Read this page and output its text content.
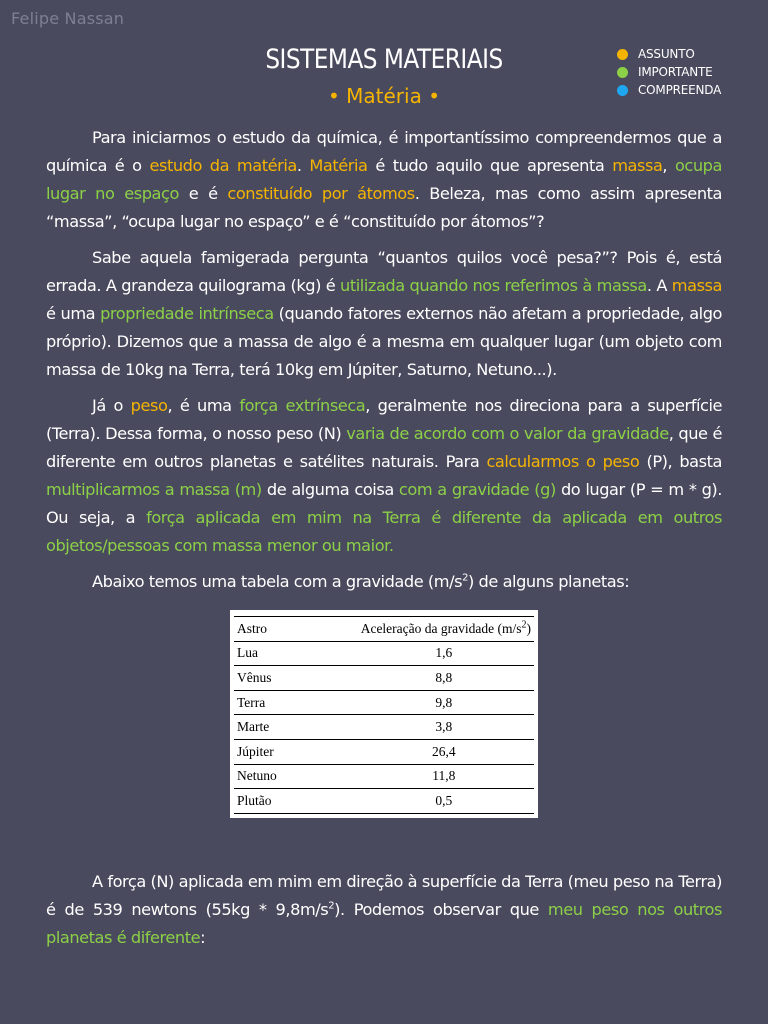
Felipe Nassan
SISTEMAS MATERIAIS
• Matéria •
ASSUNTO
IMPORTANTE
COMPREENDA

Para iniciarmos o estudo da química, é importantíssimo compreendermos que a química é o estudo da matéria. Matéria é tudo aquilo que apresenta massa, ocupa lugar no espaço e é constituído por átomos. Beleza, mas como assim apresenta “massa”, “ocupa lugar no espaço” e é “constituído por átomos”?

Sabe aquela famigerada pergunta “quantos quilos você pesa?”? Pois é, está errada. A grandeza quilograma (kg) é utilizada quando nos referimos à massa. A massa é uma propriedade intrínseca (quando fatores externos não afetam a propriedade, algo próprio). Dizemos que a massa de algo é a mesma em qualquer lugar (um objeto com massa de 10kg na Terra, terá 10kg em Júpiter, Saturno, Netuno...).

Já o peso, é uma força extrínseca, geralmente nos direciona para a superfície (Terra). Dessa forma, o nosso peso (N) varia de acordo com o valor da gravidade, que é diferente em outros planetas e satélites naturais. Para calcularmos o peso (P), basta multiplicarmos a massa (m) de alguma coisa com a gravidade (g) do lugar (P = m * g). Ou seja, a força aplicada em mim na Terra é diferente da aplicada em outros objetos/pessoas com massa menor ou maior.

Abaixo temos uma tabela com a gravidade $(m/s^2)$ de alguns planetas:

Astro	Aceleração da gravidade $(m/s^2)$
Lua	1,6
Vênus	8,8
Terra	9,8
Marte	3,8
Júpiter	26,4
Netuno	11,8
Plutão	0,5

A força (N) aplicada em mim em direção à superfície da Terra (meu peso na Terra) é de 539 newtons $(55kg * 9,8m/s^2)$. Podemos observar que meu peso nos outros planetas é diferente:
